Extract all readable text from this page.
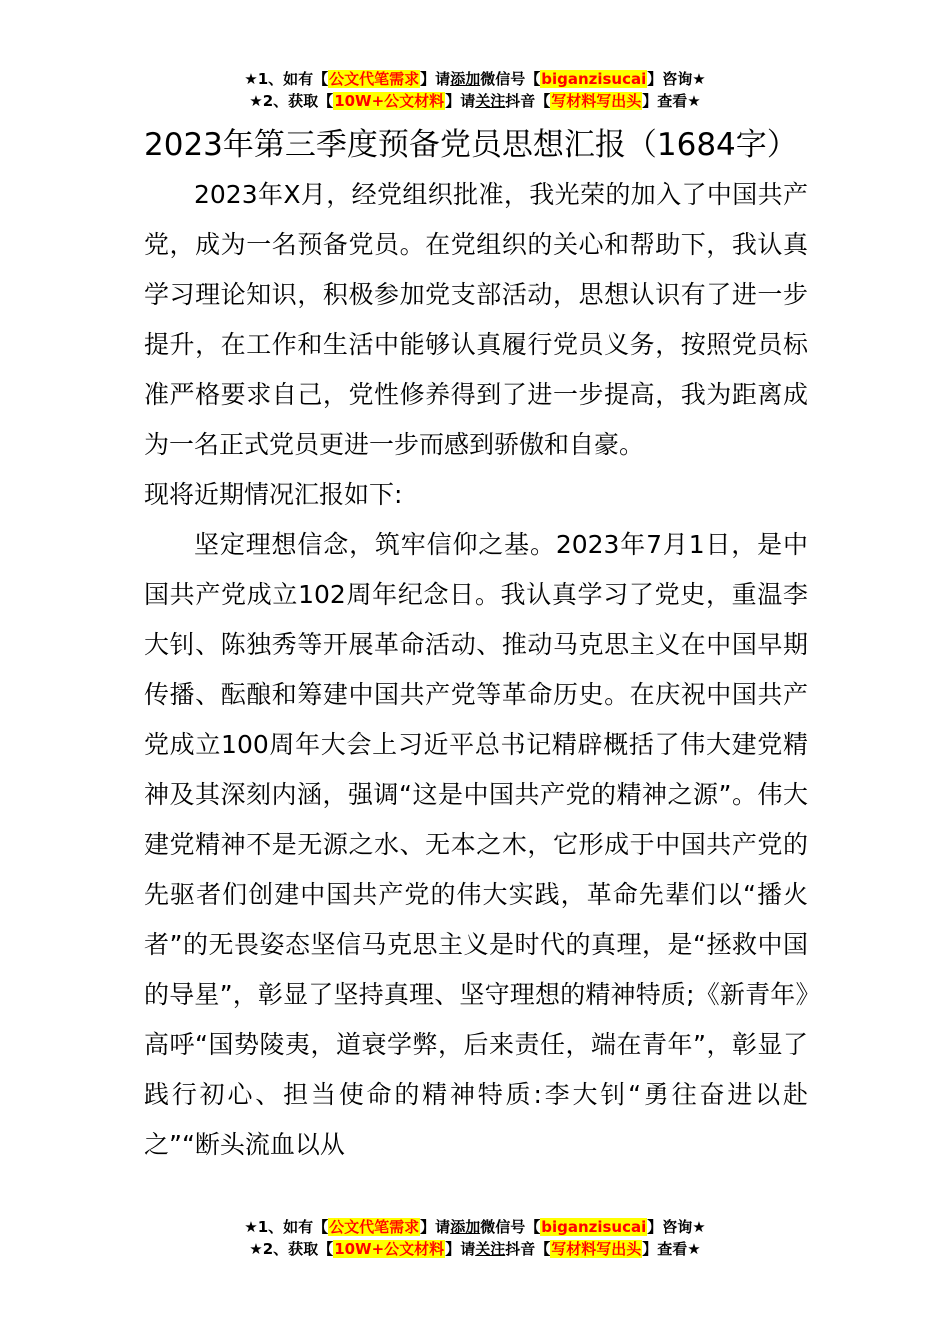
★1、如有【公文代笔需求】请添加微信号【biganzisucai】咨询★
★2、获取【10W+公文材料】请关注抖音【写材料写出头】查看★
2023年第三季度预备党员思想汇报（1684字）

2023年X月，经党组织批准，我光荣的加入了中国共产党，成为一名预备党员。在党组织的关心和帮助下，我认真学习理论知识，积极参加党支部活动，思想认识有了进一步提升，在工作和生活中能够认真履行党员义务，按照党员标准严格要求自己，党性修养得到了进一步提高，我为距离成为一名正式党员更进一步而感到骄傲和自豪。

现将近期情况汇报如下:

坚定理想信念，筑牢信仰之基。2023年7月1日，是中国共产党成立102周年纪念日。我认真学习了党史，重温李大钊、陈独秀等开展革命活动、推动马克思主义在中国早期传播、酝酿和筹建中国共产党等革命历史。在庆祝中国共产党成立100周年大会上习近平总书记精辟概括了伟大建党精神及其深刻内涵，强调“这是中国共产党的精神之源”。伟大建党精神不是无源之水、无本之木，它形成于中国共产党的先驱者们创建中国共产党的伟大实践，革命先辈们以“播火者”的无畏姿态坚信马克思主义是时代的真理，是“拯救中国的导星”，彰显了坚持真理、坚守理想的精神特质;《新青年》高呼“国势陵夷，道衰学弊，后来责任，端在青年”，彰显了践行初心、担当使命的精神特质:李大钊“勇往奋进以赴之”“断头流血以从

★1、如有【公文代笔需求】请添加微信号【biganzisucai】咨询★
★2、获取【10W+公文材料】请关注抖音【写材料写出头】查看★
